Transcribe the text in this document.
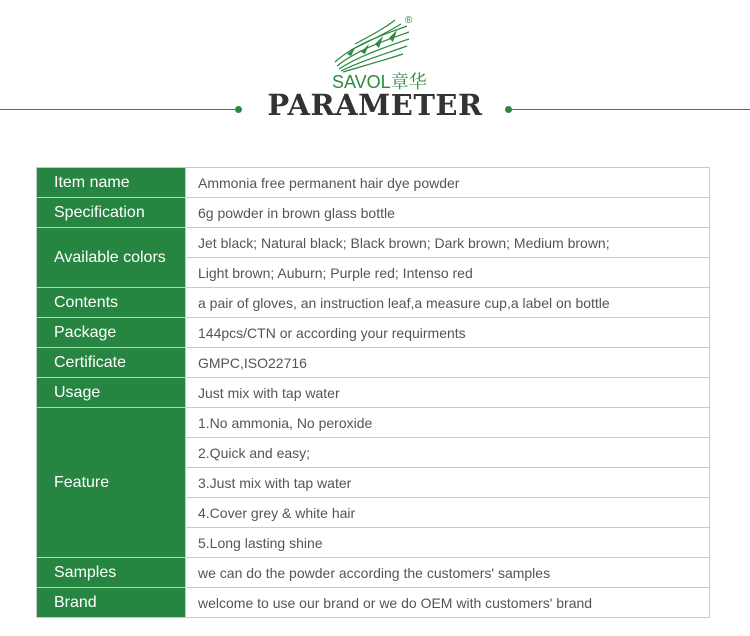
®
SAVOL章华
PARAMETER
Item name	Ammonia free permanent hair dye powder
Specification	6g powder in brown glass bottle
Available colors	Jet black; Natural black; Black brown; Dark brown; Medium brown;
	Light brown; Auburn; Purple red; Intenso red
Contents	a pair of gloves, an instruction leaf,a measure cup,a label on bottle
Package	144pcs/CTN or according your requirments
Certificate	GMPC,ISO22716
Usage	Just mix with tap water
Feature	1.No ammonia, No peroxide
	2.Quick and easy;
	3.Just mix with tap water
	4.Cover grey & white hair
	5.Long lasting shine
Samples	we can do the powder according the customers' samples
Brand	welcome to use our brand or we do OEM with customers' brand
